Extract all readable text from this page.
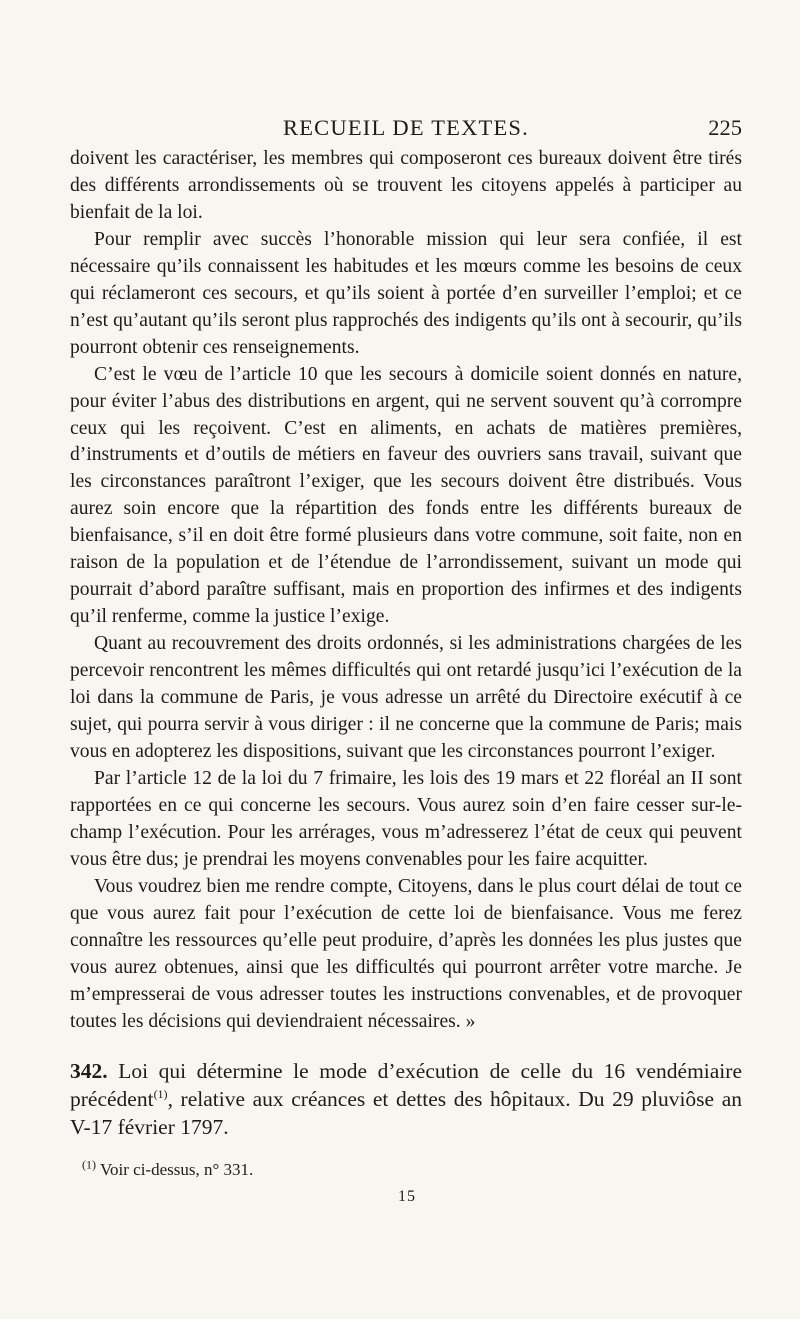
RECUEIL DE TEXTES.	225

doivent les caractériser, les membres qui composeront ces bureaux doivent être tirés des différents arrondissements où se trouvent les citoyens appelés à participer au bienfait de la loi.

Pour remplir avec succès l’honorable mission qui leur sera confiée, il est nécessaire qu’ils connaissent les habitudes et les mœurs comme les besoins de ceux qui réclameront ces secours, et qu’ils soient à portée d’en surveiller l’emploi; et ce n’est qu’autant qu’ils seront plus rapprochés des indigents qu’ils ont à secourir, qu’ils pourront obtenir ces renseignements.

C’est le vœu de l’article 10 que les secours à domicile soient donnés en nature, pour éviter l’abus des distributions en argent, qui ne servent souvent qu’à corrompre ceux qui les reçoivent. C’est en aliments, en achats de matières premières, d’instruments et d’outils de métiers en faveur des ouvriers sans travail, suivant que les circonstances paraîtront l’exiger, que les secours doivent être distribués. Vous aurez soin encore que la répartition des fonds entre les différents bureaux de bienfaisance, s’il en doit être formé plusieurs dans votre commune, soit faite, non en raison de la population et de l’étendue de l’arrondissement, suivant un mode qui pourrait d’abord paraître suffisant, mais en proportion des infirmes et des indigents qu’il renferme, comme la justice l’exige.

Quant au recouvrement des droits ordonnés, si les administrations chargées de les percevoir rencontrent les mêmes difficultés qui ont retardé jusqu’ici l’exécution de la loi dans la commune de Paris, je vous adresse un arrêté du Directoire exécutif à ce sujet, qui pourra servir à vous diriger : il ne concerne que la commune de Paris; mais vous en adopterez les dispositions, suivant que les circonstances pourront l’exiger.

Par l’article 12 de la loi du 7 frimaire, les lois des 19 mars et 22 floréal an II sont rapportées en ce qui concerne les secours. Vous aurez soin d’en faire cesser sur-le-champ l’exécution. Pour les arrérages, vous m’adresserez l’état de ceux qui peuvent vous être dus; je prendrai les moyens convenables pour les faire acquitter.

Vous voudrez bien me rendre compte, Citoyens, dans le plus court délai de tout ce que vous aurez fait pour l’exécution de cette loi de bienfaisance. Vous me ferez connaître les ressources qu’elle peut produire, d’après les données les plus justes que vous aurez obtenues, ainsi que les difficultés qui pourront arrêter votre marche. Je m’empresserai de vous adresser toutes les instructions convenables, et de provoquer toutes les décisions qui deviendraient nécessaires. »

342. Loi qui détermine le mode d’exécution de celle du 16 vendémiaire précédent$^{(1)}$, relative aux créances et dettes des hôpitaux. Du 29 pluviôse an V-17 février 1797.
$^{(1)}$ Voir ci-dessus, n° 331.
15
